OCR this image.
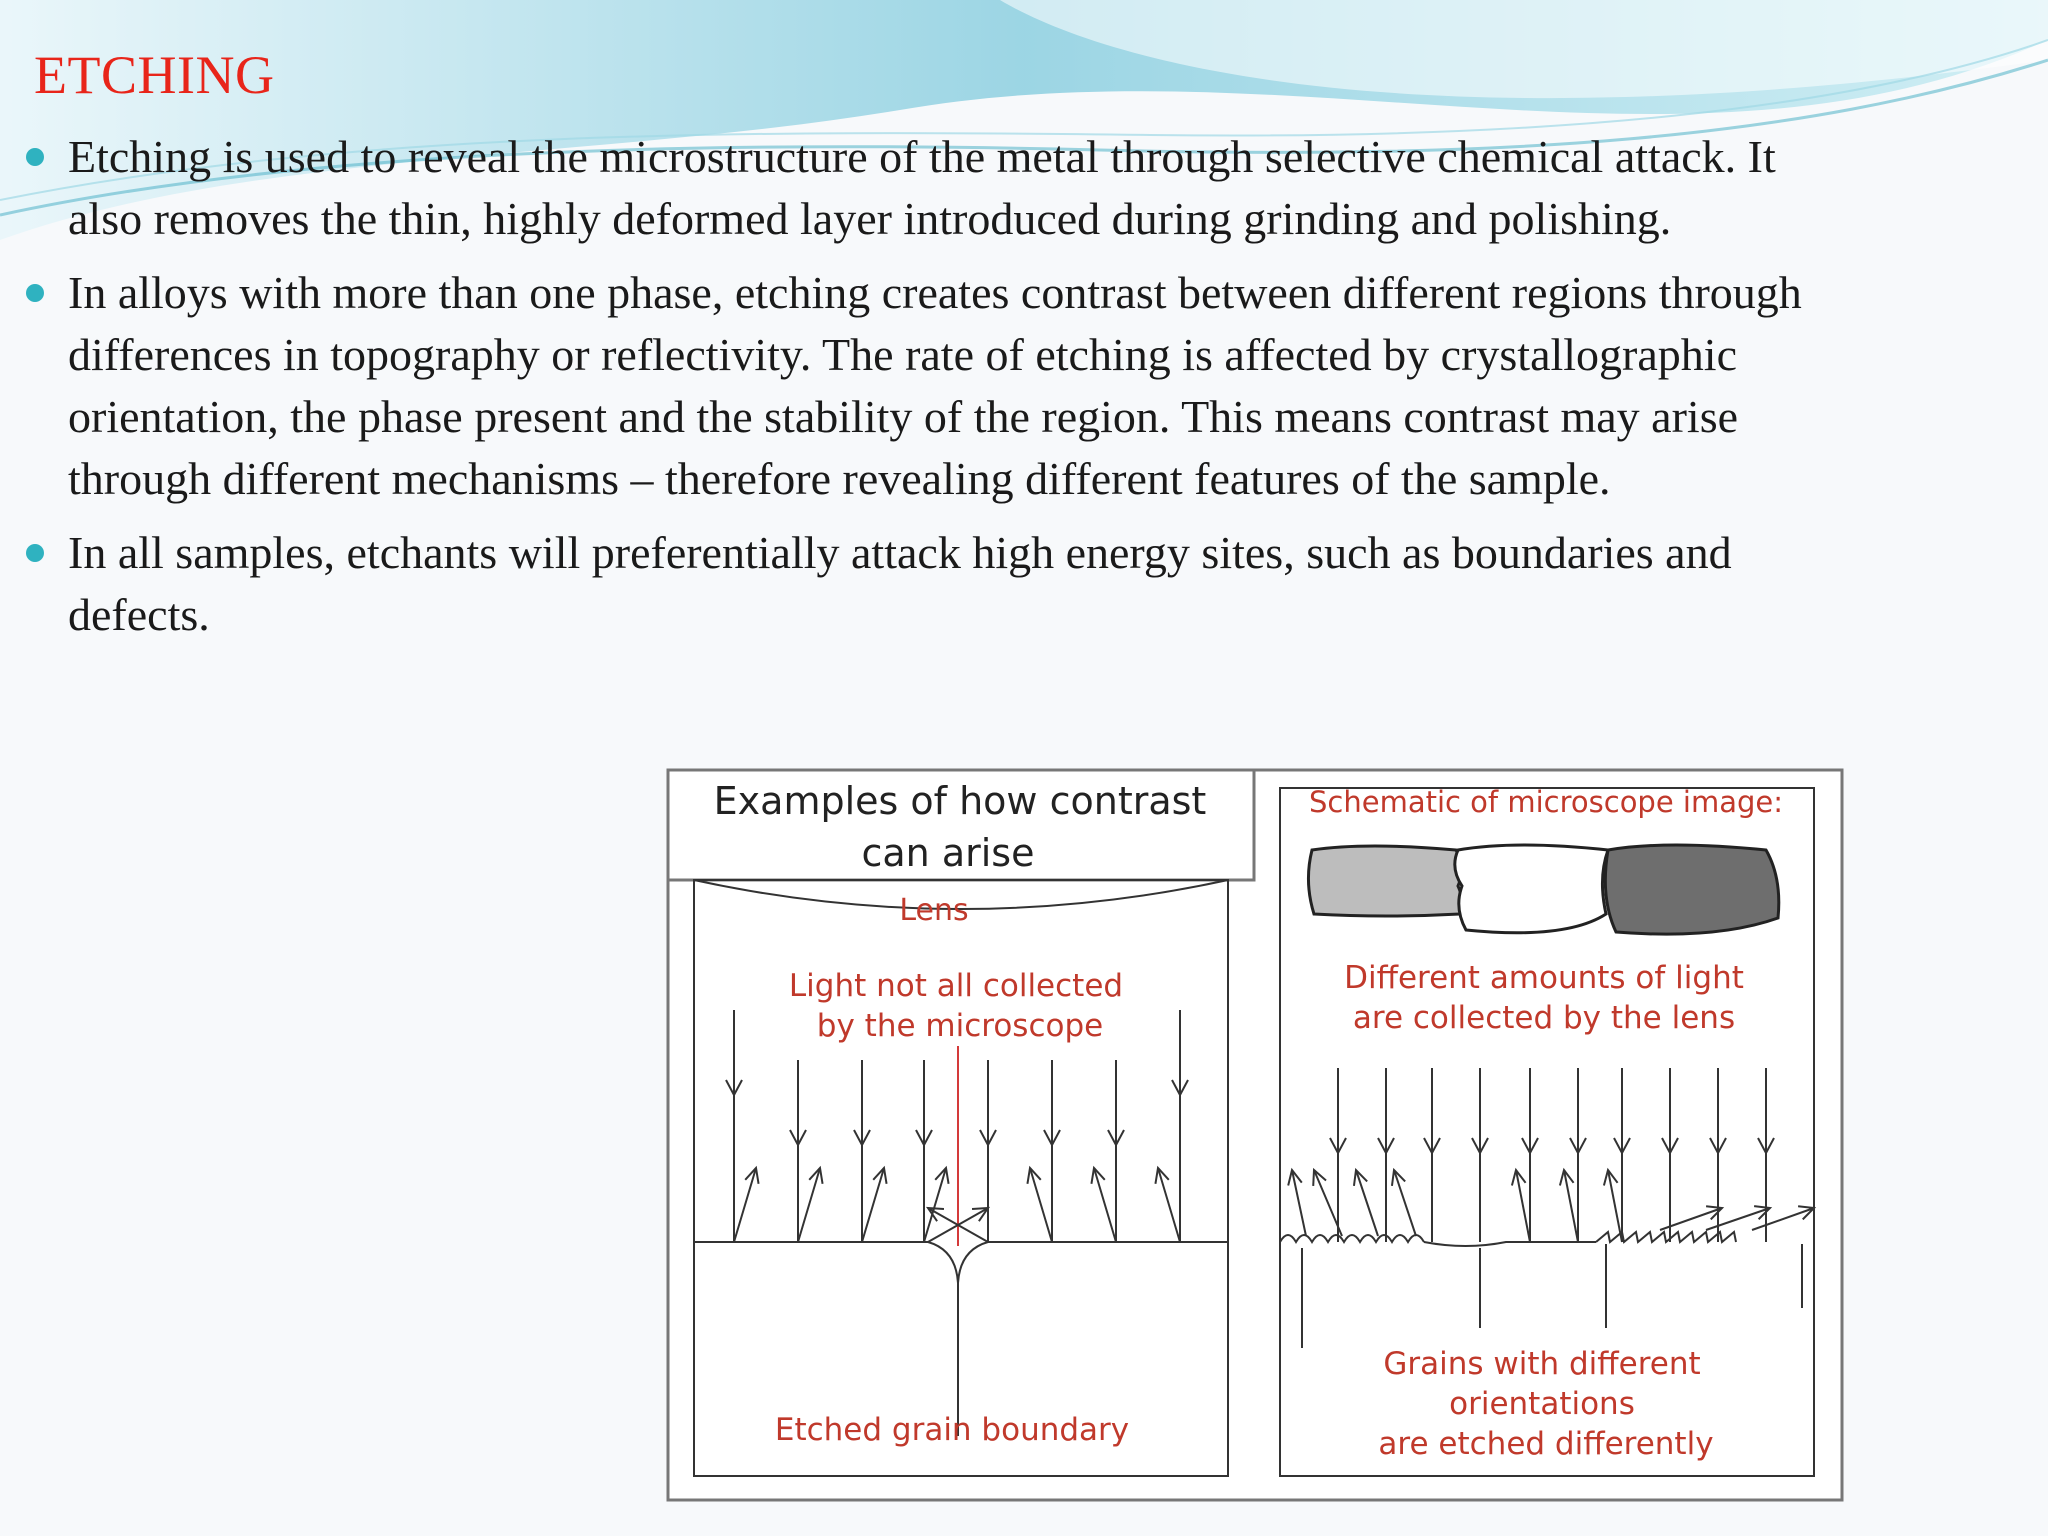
ETCHING
Etching is used to reveal the microstructure of the metal through selective chemical attack. It also removes the thin, highly deformed layer introduced during grinding and polishing.
In alloys with more than one phase, etching creates contrast between different regions through differences in topography or reflectivity. The rate of etching is affected by crystallographic orientation, the phase present and the stability of the region. This means contrast may arise through different mechanisms – therefore revealing different features of the sample.
In all samples, etchants will preferentially attack high energy sites, such as boundaries and defects.
Examples of how contrast
can arise
Lens
Light not all collected
by the microscope
Etched grain boundary
Schematic of microscope image:
Different amounts of light
are collected by the lens
Grains with different
orientations
are etched differently
